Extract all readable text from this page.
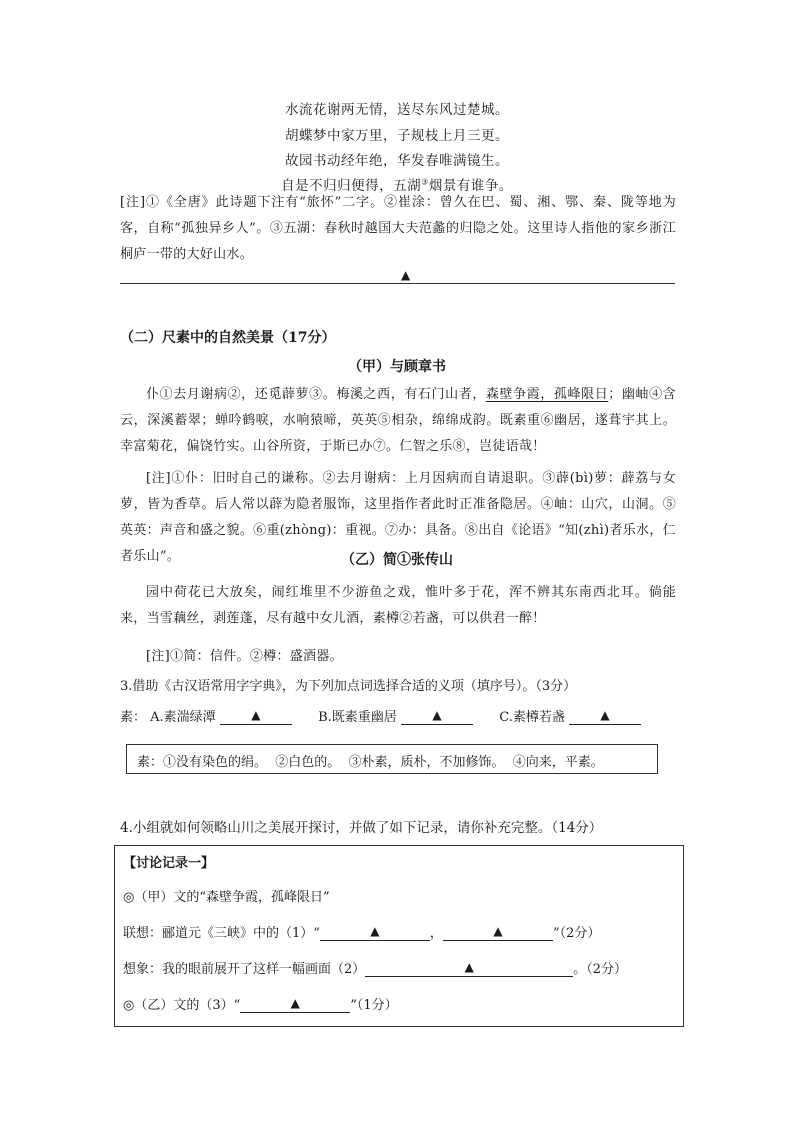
水流花谢两无情，送尽东风过楚城。
胡蝶梦中家万里，子规枝上月三更。
故园书动经年绝，华发春唯满镜生。
自是不归归便得，五湖③烟景有谁争。
[注]①《全唐》此诗题下注有“旅怀”二字。②崔涂：曾久在巴、蜀、湘、鄂、秦、陇等地为客，自称“孤独异乡人”。③五湖：春秋时越国大夫范蠡的归隐之处。这里诗人指他的家乡浙江桐庐一带的大好山水。
▲
（二）尺素中的自然美景（17分）
（甲）与顾章书
仆①去月谢病②，还觅薜萝③。梅溪之西，有石门山者，森壁争霞，孤峰限日；幽岫④含云，深溪蓄翠；蝉吟鹤唳，水响猿啼，英英⑤相杂，绵绵成韵。既素重⑥幽居，遂葺宇其上。幸富菊花，偏饶竹实。山谷所资，于斯已办⑦。仁智之乐⑧，岂徒语哉！
[注]①仆：旧时自己的谦称。②去月谢病：上月因病而自请退职。③薜(bì)萝：薜荔与女萝，皆为香草。后人常以薜为隐者服饰，这里指作者此时正准备隐居。④岫：山穴，山洞。⑤英英：声音和盛之貌。⑥重(zhòng)：重视。⑦办：具备。⑧出自《论语》“知(zhì)者乐水，仁者乐山”。	（乙）简①张传山
园中荷花已大放矣，闹红堆里不少游鱼之戏，惟叶多于花，浑不辨其东南西北耳。倘能来，当雪藕丝，剥莲蓬，尽有越中女儿酒，素樽②若盏，可以供君一醉！
[注]①简：信件。②樽：盛酒器。
3.借助《古汉语常用字字典》，为下列加点词选择合适的义项（填序号）。（3分）
素： A.素湍绿潭	▲	B.既素重幽居	▲	C.素樽若盏	▲
素：①没有染色的绢。  ②白色的。  ③朴素，质朴，不加修饰。  ④向来，平素。
4.小组就如何领略山川之美展开探讨，并做了如下记录，请你补充完整。（14分）
【讨论记录一】
◎（甲）文的“森壁争霞，孤峰限日”
联想：郦道元《三峡》中的（1）“	▲	，	▲	”（2分）
想象：我的眼前展开了这样一幅画面（2）	▲	。（2分）
◎（乙）文的（3）“	▲	”（1分）
